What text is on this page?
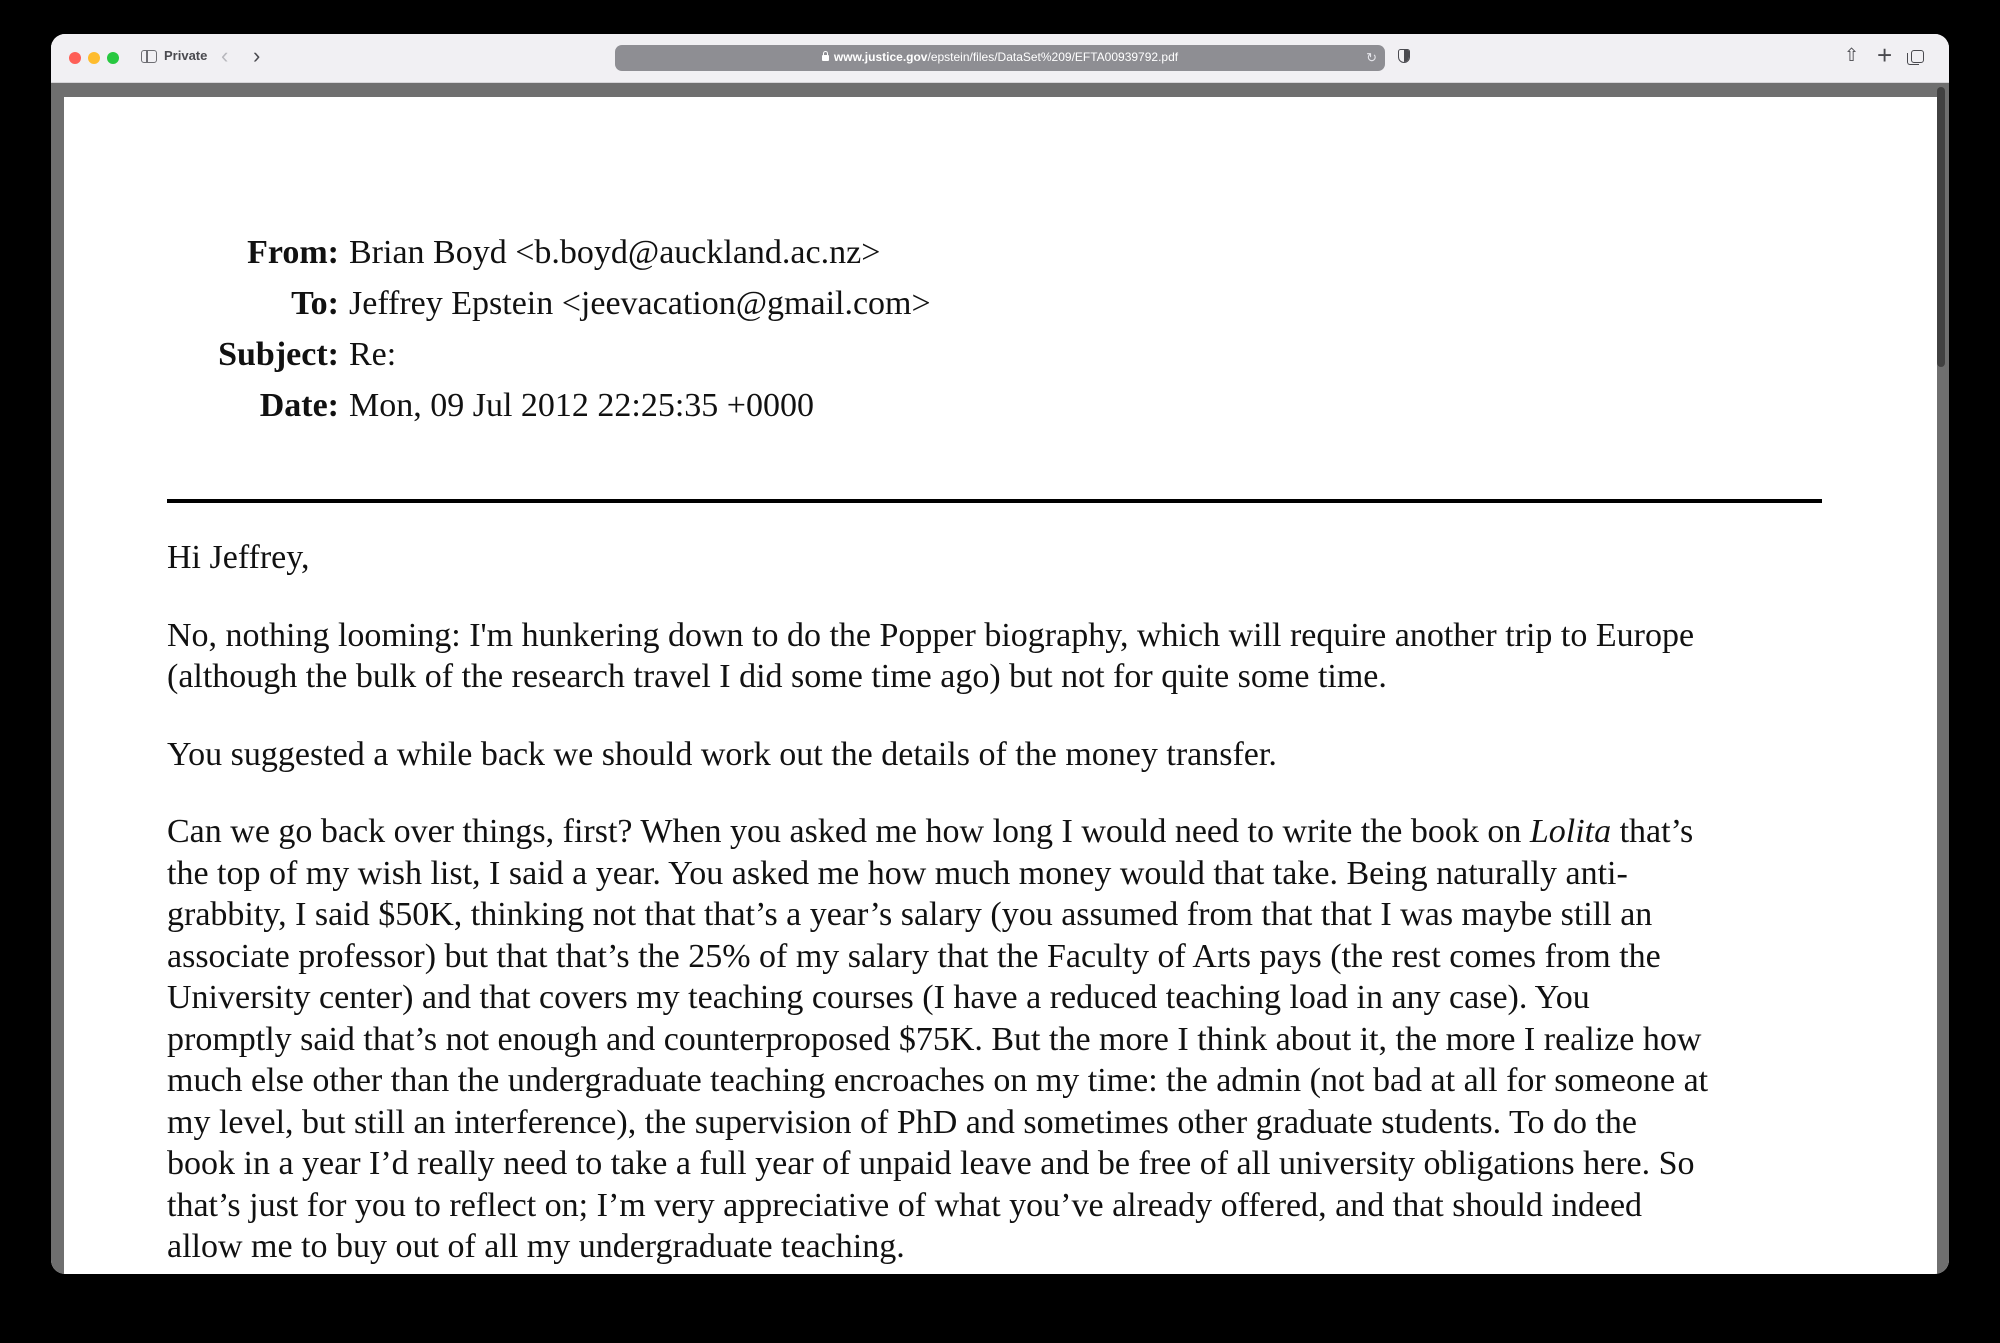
Private ‹ ›	www.justice.gov/epstein/files/DataSet%209/EFTA00939792.pdf	↻	⇧ +
From: Brian Boyd <b.boyd@auckland.ac.nz>
To: Jeffrey Epstein <jeevacation@gmail.com>
Subject: Re:
Date: Mon, 09 Jul 2012 22:25:35 +0000

Hi Jeffrey,

No, nothing looming: I'm hunkering down to do the Popper biography, which will require another trip to Europe
(although the bulk of the research travel I did some time ago) but not for quite some time.

You suggested a while back we should work out the details of the money transfer.

Can we go back over things, first? When you asked me how long I would need to write the book on Lolita that’s
the top of my wish list, I said a year. You asked me how much money would that take. Being naturally anti-
grabbity, I said $50K, thinking not that that’s a year’s salary (you assumed from that that I was maybe still an
associate professor) but that that’s the 25% of my salary that the Faculty of Arts pays (the rest comes from the
University center) and that covers my teaching courses (I have a reduced teaching load in any case). You
promptly said that’s not enough and counterproposed $75K. But the more I think about it, the more I realize how
much else other than the undergraduate teaching encroaches on my time: the admin (not bad at all for someone at
my level, but still an interference), the supervision of PhD and sometimes other graduate students. To do the
book in a year I’d really need to take a full year of unpaid leave and be free of all university obligations here. So
that’s just for you to reflect on; I’m very appreciative of what you’ve already offered, and that should indeed
allow me to buy out of all my undergraduate teaching.
